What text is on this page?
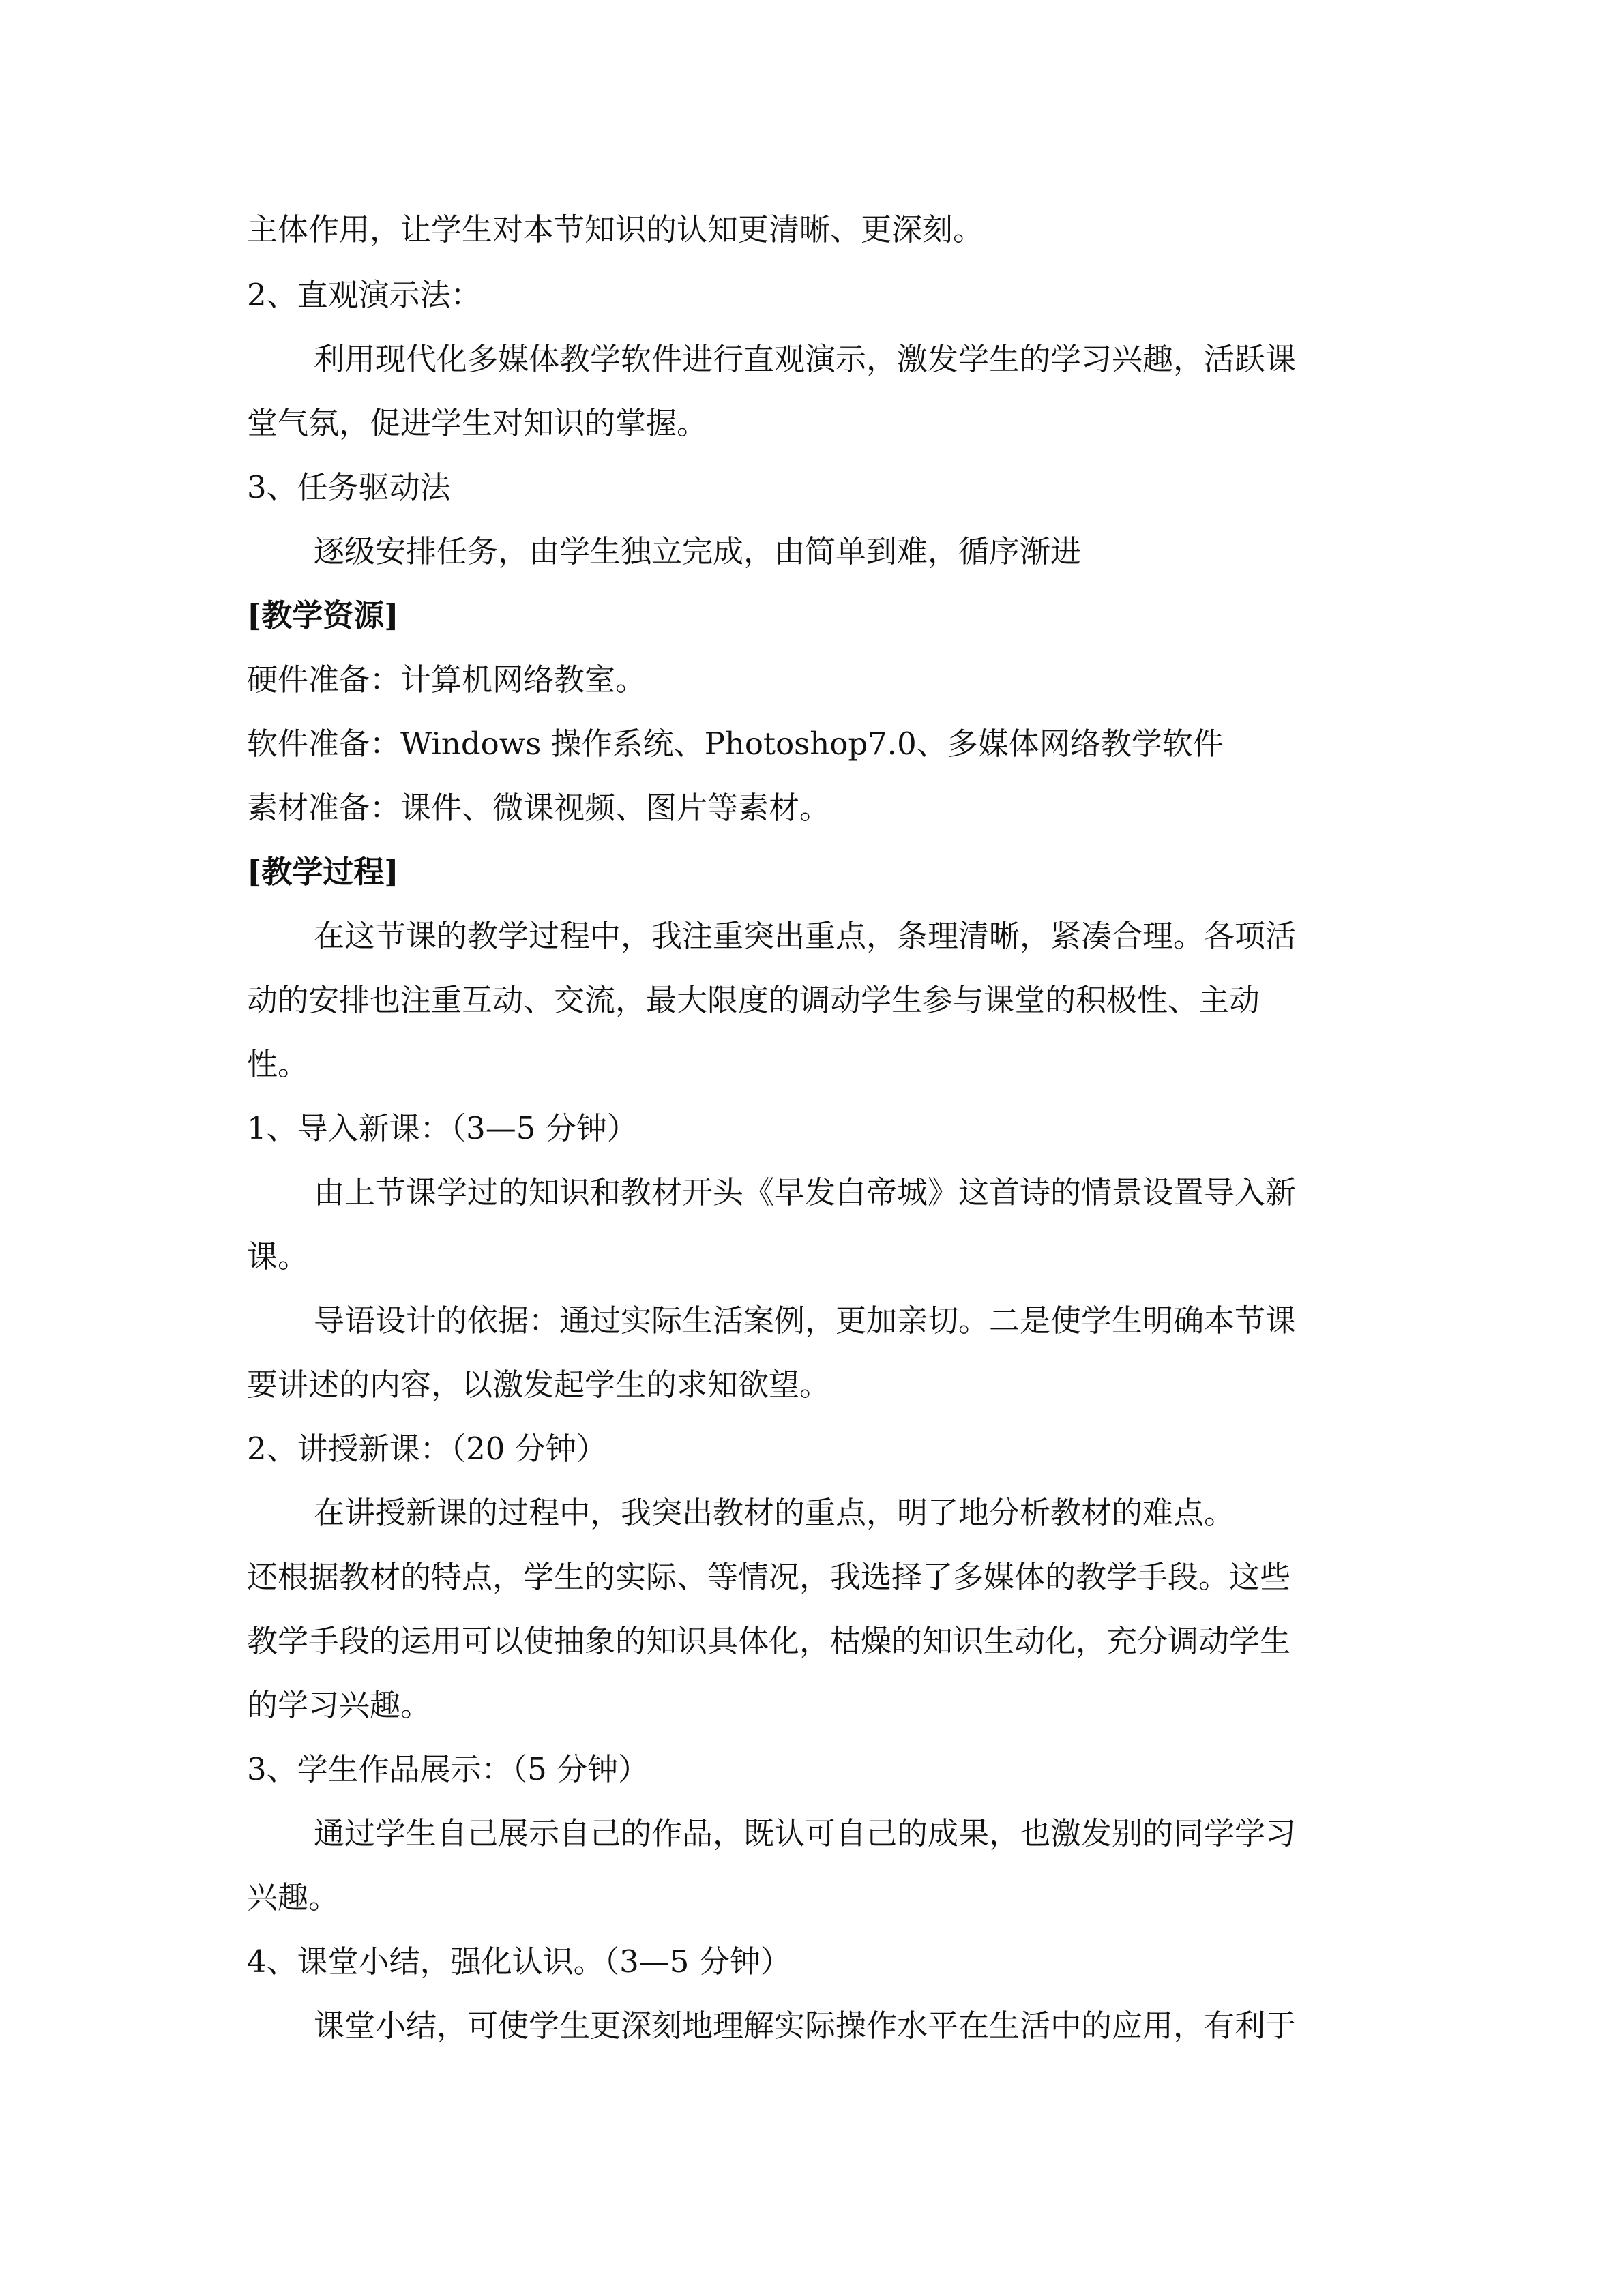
主体作用，让学生对本节知识的认知更清晰、更深刻。
2、直观演示法：
利用现代化多媒体教学软件进行直观演示，激发学生的学习兴趣，活跃课
堂气氛，促进学生对知识的掌握。
3、任务驱动法
逐级安排任务，由学生独立完成，由简单到难，循序渐进
[教学资源]
硬件准备：计算机网络教室。
软件准备：Windows 操作系统、Photoshop7.0、多媒体网络教学软件
素材准备：课件、微课视频、图片等素材。
[教学过程]
在这节课的教学过程中，我注重突出重点，条理清晰，紧凑合理。各项活
动的安排也注重互动、交流，最大限度的调动学生参与课堂的积极性、主动
性。
1、导入新课：（3—5 分钟）
由上节课学过的知识和教材开头《早发白帝城》这首诗的情景设置导入新
课。
导语设计的依据：通过实际生活案例，更加亲切。二是使学生明确本节课
要讲述的内容，以激发起学生的求知欲望。
2、讲授新课：（20 分钟）
在讲授新课的过程中，我突出教材的重点，明了地分析教材的难点。
还根据教材的特点，学生的实际、等情况，我选择了多媒体的教学手段。这些
教学手段的运用可以使抽象的知识具体化，枯燥的知识生动化，充分调动学生
的学习兴趣。
3、学生作品展示：（5 分钟）
通过学生自己展示自己的作品，既认可自己的成果，也激发别的同学学习
兴趣。
4、课堂小结，强化认识。（3—5 分钟）
课堂小结，可使学生更深刻地理解实际操作水平在生活中的应用，有利于
